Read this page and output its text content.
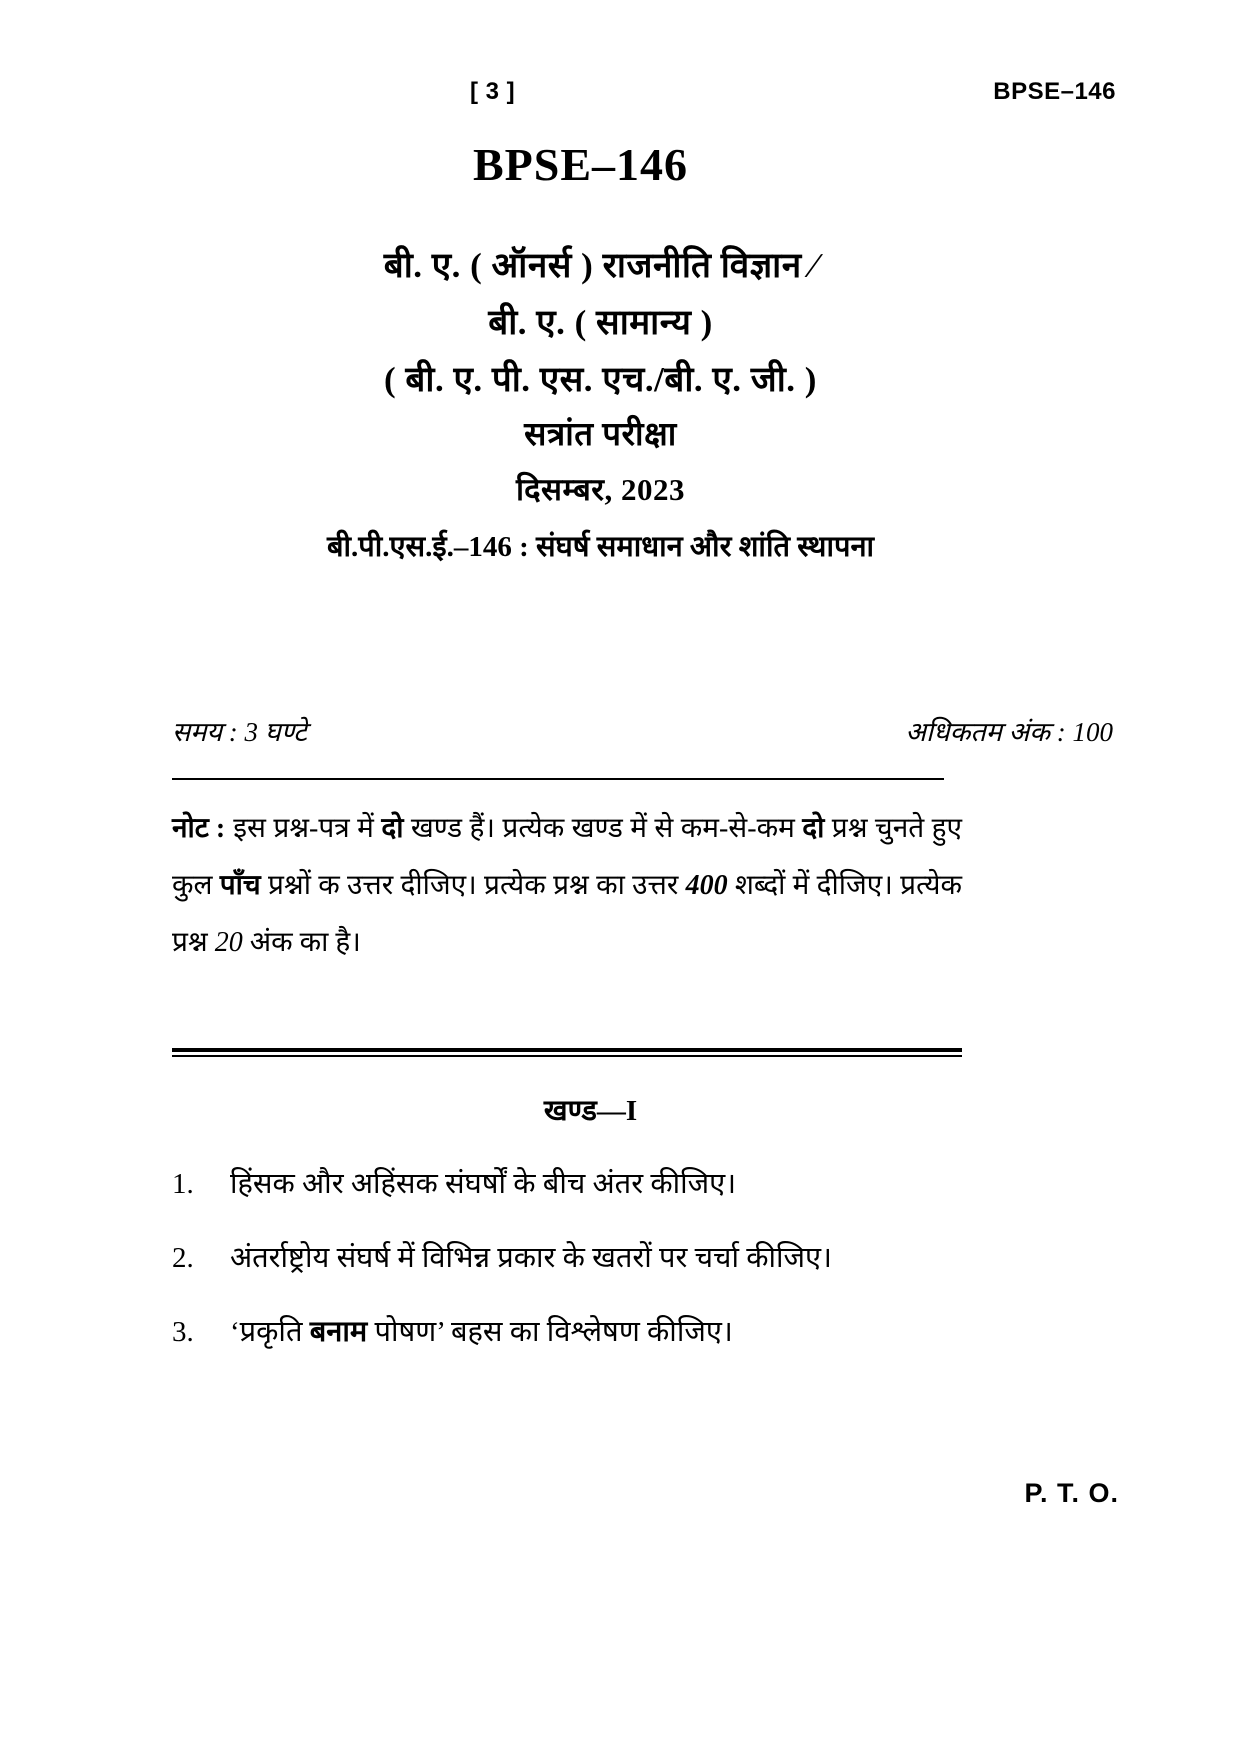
[ 3 ]	BPSE–146
BPSE–146
बी. ए. ( ऑनर्स ) राजनीति विज्ञान ∕
बी. ए. ( सामान्य )
( बी. ए. पी. एस. एच./बी. ए. जी. )
सत्रांत परीक्षा
दिसम्बर, 2023
बी.पी.एस.ई.–146 : संघर्ष समाधान और शांति स्थापना
समय : 3 घण्टे	अधिकतम अंक : 100
नोट : इस प्रश्न-पत्र में दो खण्ड हैं। प्रत्येक खण्ड में से कम-से-कम दो प्रश्न चुनते हुए कुल पाँच प्रश्नों क उत्तर दीजिए। प्रत्येक प्रश्न का उत्तर 400 शब्दों में दीजिए। प्रत्येक प्रश्न 20 अंक का है।
खण्ड—I
1.	हिंसक और अहिंसक संघर्षों के बीच अंतर कीजिए।
2.	अंतर्राष्ट्रोय संघर्ष में विभिन्न प्रकार के खतरों पर चर्चा कीजिए।
3.	‘प्रकृति बनाम पोषण’ बहस का विश्लेषण कीजिए।
P. T. O.
